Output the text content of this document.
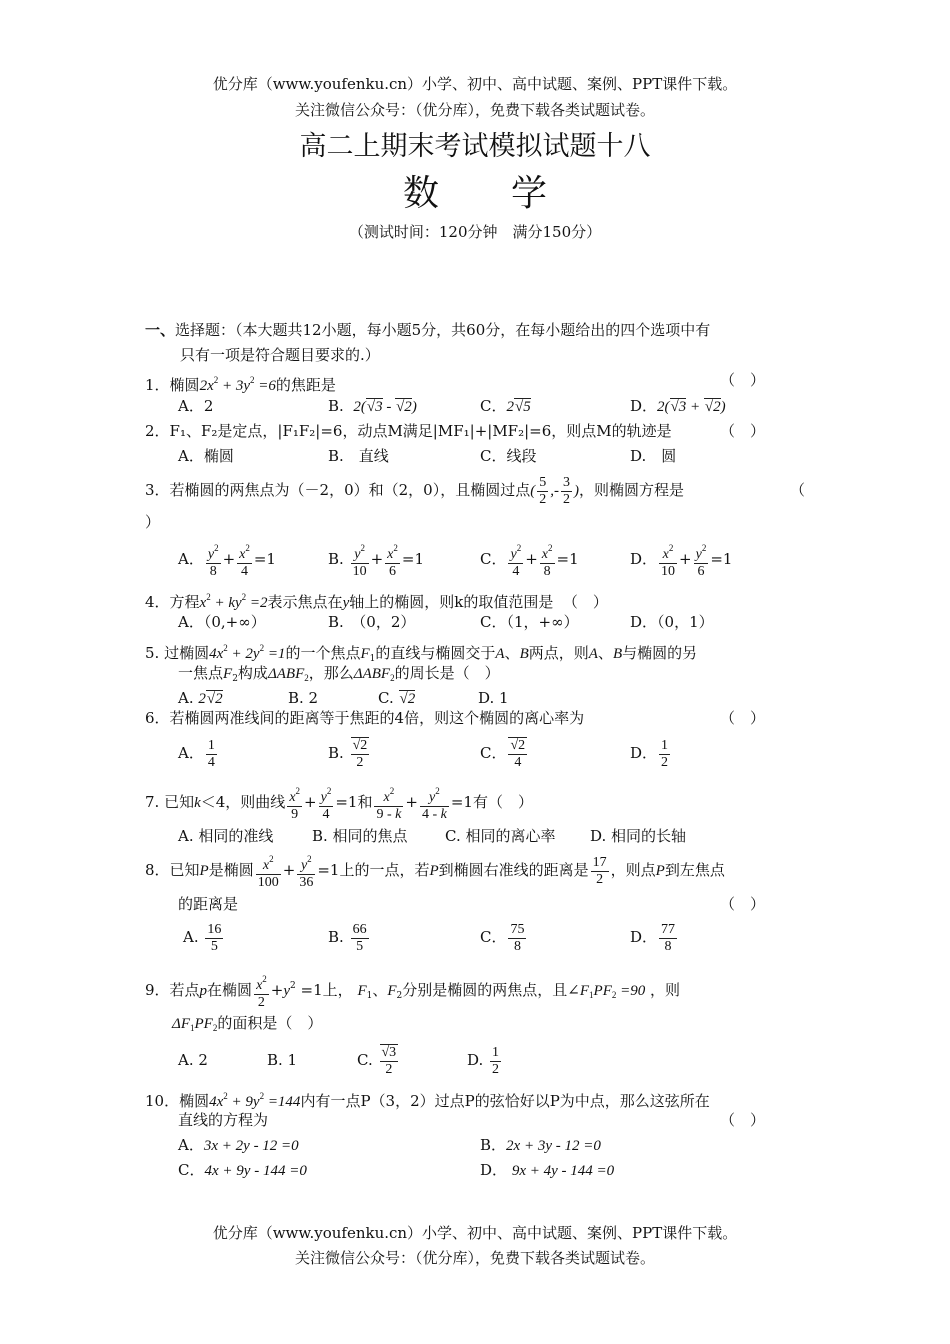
优分库（www.youfenku.cn）小学、初中、高中试题、案例、PPT课件下载。
关注微信公众号：（优分库），免费下载各类试题试卷。
高二上期末考试模拟试题十八
数　　学
（测试时间：120分钟　满分150分）
一、选择题：（本大题共12小题，每小题5分，共60分，在每小题给出的四个选项中有
只有一项是符合题目要求的.）
1．椭圆$2x^2 + 3y^2 =6$的焦距是	（　）
A．2	B. 2(√3 - √2)	C．2√5	D．2(√3 + √2)
2．F₁、F₂是定点，|F₁F₂|=6，动点M满足|MF₁|+|MF₂|=6，则点M的轨迹是	（　）
A．椭圆	B.　直线	C．线段	D.　圆
3．若椭圆的两焦点为（－2，0）和（2，0），且椭圆过点( $\frac{5}{2}$ ,- $\frac{3}{2}$ )，则椭圆方程是	（
）
A． $\frac{y^2}{8} + \frac{x^2}{4} =1$	B. $\frac{y^2}{10} + \frac{x^2}{6} =1$	C． $\frac{y^2}{4} + \frac{x^2}{8} =1$	D． $\frac{x^2}{10} + \frac{y^2}{6} =1$
4．方程$x^2 + ky^2 =2$表示焦点在y轴上的椭圆，则k的取值范围是 （　）
A．（0,+∞）	B.　（0，2）	C．（1，+∞）	D．（0，1）
5. 过椭圆$4x^2 + 2y^2 =1$的一个焦点$F_1$的直线与椭圆交于A、B两点，则A、B与椭圆的另
一焦点$F_2$构成$\Delta ABF_2$，那么$\Delta ABF_2$的周长是（　）
A. 2√2	B. 2	C. √2	D. 1
6．若椭圆两准线间的距离等于焦距的4倍，则这个椭圆的离心率为	（　）
A． $\frac{1}{4}$	B. $\frac{√2}{2}$	C． $\frac{√2}{4}$	D． $\frac{1}{2}$
7. 已知k＜4，则曲线 $\frac{x^2}{9} + \frac{y^2}{4} =1$和 $\frac{x^2}{9 - k} + \frac{y^2}{4 - k} =1$有（　）
A. 相同的准线	B. 相同的焦点 C. 相同的离心率 D. 相同的长轴
8．已知P是椭圆 $\frac{x^2}{100} + \frac{y^2}{36} =1$上的一点，若P到椭圆右准线的距离是 $\frac{17}{2}$ ，则点P到左焦点
的距离是	（　）
A. $\frac{16}{5}$	B. $\frac{66}{5}$	C． $\frac{75}{8}$	D． $\frac{77}{8}$
9．若点p在椭圆 $\frac{x^2}{2} +y^2 =1$上， $F_1$、$F_2$分别是椭圆的两焦点，且$\angle F_1PF_2 =90$ ，则
$\Delta F_1PF_2$的面积是（　）
A. 2	B. 1	C. $\frac{√3}{2}$	D. $\frac{1}{2}$
10．椭圆$4x^2 + 9y^2 =144$内有一点P（3，2）过点P的弦恰好以P为中点，那么这弦所在
直线的方程为	（　）
A．3x + 2y - 12 =0	B．2x + 3y - 12 =0
C．4x + 9y - 144 =0	D． 9x + 4y - 144 =0
优分库（www.youfenku.cn）小学、初中、高中试题、案例、PPT课件下载。
关注微信公众号：（优分库），免费下载各类试题试卷。
